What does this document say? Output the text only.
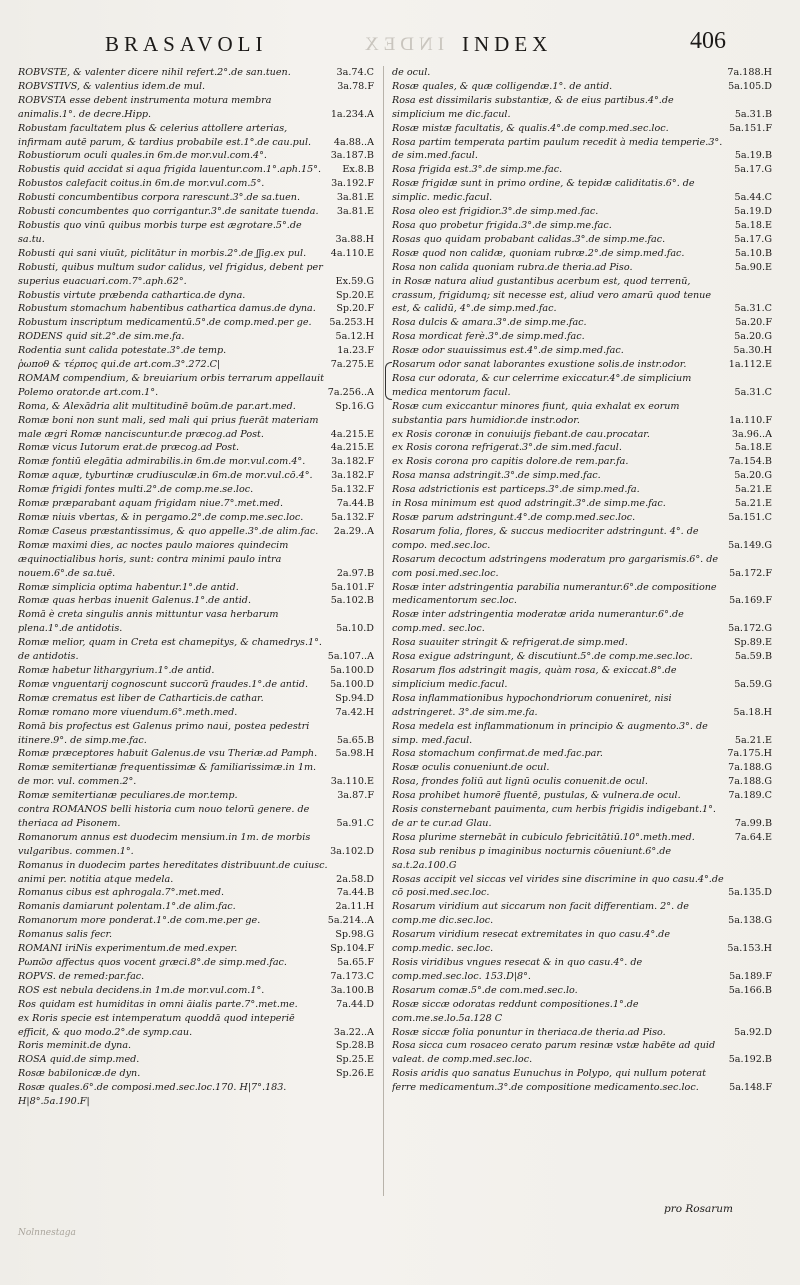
INDEX
BRASAVOLI	INDEX	406
ROBVSTE, & valenter dicere nihil refert.2°.de san.tuen.	3a.74.C
ROBVSTIVS, & valentius idem.de mul.	3a.78.F
ROBVSTA esse debent instrumenta motura membra animalis.1°. de decre.Hipp.	1a.234.A
Robustam facultatem plus & celerius attollere arterias, infirmam autē parum, & tardius probabile est.1°.de cau.pul. 4a.88..A
Robustiorum oculi quales.in 6m.de mor.vul.com.4°.	3a.187.B
Robustis quid accidat si aqua frigida lauentur.com.1°.aph.15°. Ex.8.B
Robustos calefacit coitus.in 6m.de mor.vul.com.5°.	3a.192.F
Robusti concumbentibus corpora rarescunt.3°.de sa.tuen.	3a.81.E
Robusti concumbentes quo corrigantur.3°.de sanitate tuenda. 3a.81.E
Robustis quo vinū quibus morbis turpe est ægrotare.5°.de sa.tu.	3a.88.H
Robusti qui sani viuūt, piclitātur in morbis.2°.de ʃʃig.ex pul.	4a.110.E
Robusti, quibus multum sudor calidus, vel frigidus, debent per superius euacuari.com.7°.aph.62°.	Ex.59.G
Robustis virtute præbenda cathartica.de dyna.	Sp.20.E
Robustum stomachum habentibus cathartica damus.de dyna. Sp.20.F
Robustum inscriptum medicamentū.5°.de comp.med.per ge. 5a.253.H
RODENS quid sit.2°.de sim.me.fa.	5a.12.H
Rodentia sunt calida potestate.3°.de temp.	1a.23.F
ῥωποθ & τέρπος qui.de art.com.3°.272.C|	7a.275.E
ROMAM compendium, & breuiarium orbis terrarum appellauit Polemo orator.de art.com.1°.	7a.256..A
Roma, & Alexādria alit multitudinē boūm.de par.art.med.	Sp.16.G
Romæ boni non sunt mali, sed mali qui prius fuerāt materiam male ægri Romæ nanciscuntur.de præcog.ad Post.	4a.215.E
Romæ vicus Iutorum erat.de præcog.ad Post.	4a.215.E
Romæ fontiū elegātia admirabilis.in 6m.de mor.vul.com.4°.	3a.182.F
Romæ aquæ, tyburtinæ crudiusculæ.in 6m.de mor.vul.cō.4°. 3a.182.F
Romæ frigidi fontes multi.2°.de comp.me.se.loc.	5a.132.F
Romæ præparabant aquam frigidam niue.7°.met.med.	7a.44.B
Romæ niuis vbertas, & in pergamo.2°.de comp.me.sec.loc.	5a.132.F
Romæ Caseus præstantissimus, & quo appelle.3°.de alim.fac. 2a.29..A
Romæ maximi dies, ac noctes paulo maiores quindecim æquinoctialibus horis, sunt: contra minimi paulo intra nouem.6°.de sa.tuē.	2a.97.B
Romæ simplicia optima habentur.1°.de antid.	5a.101.F
Romæ quas herbas inuenit Galenus.1°.de antid.	5a.102.B
Romā è creta singulis annis mittuntur vasa herbarum plena.1°.de antidotis.	5a.10.D
Romæ melior, quam in Creta est chamepitys, & chamedrys.1°. de antidotis.	5a.107..A
Romæ habetur lithargyrium.1°.de antid.	5a.100.D
Romæ vnguentarij cognoscunt succorū fraudes.1°.de antid. 5a.100.D
Romæ crematus est liber de Catharticis.de cathar.	Sp.94.D
Romæ romano more viuendum.6°.meth.med.	7a.42.H
Romā bis profectus est Galenus primo naui, postea pedestri itinere.9°. de simp.me.fac.	5a.65.B
Romæ præceptores habuit Galenus.de vsu Theriæ.ad Pamph. 5a.98.H
Romæ semitertianæ frequentissimæ & familiarissimæ.in 1m. de mor. vul. commen.2°.	3a.110.E
Romæ semitertianæ peculiares.de mor.temp.	3a.87.F
contra ROMANOS belli historia cum nouo telorū genere. de theriaca ad Pisonem.	5a.91.C
Romanorum annus est duodecim mensium.in 1m. de morbis vulgaribus. commen.1°.	3a.102.D
Romanus in duodecim partes hereditates distribuunt.de cuiusc. animi per. notitia atque medela.	2a.58.D
Romanus cibus est aphrogala.7°.met.med.	7a.44.B
Romanis damiarunt polentam.1°.de alim.fac.	2a.11.H
Romanorum more ponderat.1°.de com.me.per ge.	5a.214..A
Romanus salis fecr.	Sp.98.G
ROMANI iriNis experimentum.de med.exper.	Sp.104.F
Ρωπῶσ affectus quos vocent græci.8°.de simp.med.fac.	5a.65.F
ROPVS. de remed:par.fac.	7a.173.C
ROS est nebula decidens.in 1m.de mor.vul.com.1°.	3a.100.B
Ros quidam est humiditas in omni āialis parte.7°.met.me.	7a.44.D
ex Roris specie est intemperatum quoddā quod inteperiē efficit, & quo modo.2°.de symp.cau.	3a.22..A
Roris meminit.de dyna.	Sp.28.B
ROSA quid.de simp.med.	Sp.25.E
Rosæ babilonicæ.de dyn.	Sp.26.E
Rosæ quales.6°.de composi.med.sec.loc.170. H|7°.183. H|8°.5a.190.F|
de ocul.	7a.188.H
Rosæ quales, & quæ colligendæ.1°. de antid.	5a.105.D
Rosa est dissimilaris substantiæ, & de eius partibus.4°.de simplicium me dic.facul.	5a.31.B
Rosæ mistæ facultatis, & qualis.4°.de comp.med.sec.loc.	5a.151.F
Rosa partim temperata partim paulum recedit à media temperie.3°. de sim.med.facul.	5a.19.B
Rosa frigida est.3°.de simp.me.fac.	5a.17.G
Rosæ frigidæ sunt in primo ordine, & tepidæ caliditatis.6°. de simplic. medic.facul.	5a.44.C
Rosa oleo est frigidior.3°.de simp.med.fac.	5a.19.D
Rosa quo probetur frigida.3°.de simp.me.fac.	5a.18.E
Rosas quo quidam probabant calidas.3°.de simp.me.fac.	5a.17.G
Rosæ quod non calidæ, quoniam rubræ.2°.de simp.med.fac.	5a.10.B
Rosa non calida quoniam rubra.de theria.ad Piso.	5a.90.E
in Rosæ natura aliud gustantibus acerbum est, quod terrenū, crassum, frigidumq; sit necesse est, aliud vero amarū quod tenue est, & calidū, 4°.de simp.med.fac.	5a.31.C
Rosa dulcis & amara.3°.de simp.me.fac.	5a.20.F
Rosa mordicat ferè.3°.de simp.med.fac.	5a.20.G
Rosæ odor suauissimus est.4°.de simp.med.fac.	5a.30.H
Rosarum odor sanat laborantes exustione solis.de instr.odor.	1a.112.E
Rosa cur odorata, & cur celerrime exiccatur.4°.de simplicium medica mentorum facul.	5a.31.C
Rosæ cum exiccantur minores fiunt, quia exhalat ex eorum substantia pars humidior.de instr.odor.	1a.110.F
ex Rosis coronæ in conuiuijs fiebant.de cau.procatar.	3a.96..A
ex Rosis corona refrigerat.3°.de sim.med.facul.	5a.18.E
ex Rosis corona pro capitis dolore.de rem.par.fa.	7a.154.B
Rosa mansa adstringit.3°.de simp.med.fac.	5a.20.G
Rosa adstrictionis est particeps.3°.de simp.med.fa.	5a.21.E
in Rosa minimum est quod adstringit.3°.de simp.me.fac.	5a.21.E
Rosæ parum adstringunt.4°.de comp.med.sec.loc.	5a.151.C
Rosarum folia, flores, & succus mediocriter adstringunt. 4°. de compo. med.sec.loc.	5a.149.G
Rosarum decoctum adstringens moderatum pro gargarismis.6°. de com posi.med.sec.loc.	5a.172.F
Rosæ inter adstringentia parabilia numerantur.6°.de compositione medicamentorum sec.loc.	5a.169.F
Rosæ inter adstringentia moderatæ arida numerantur.6°.de comp.med. sec.loc.	5a.172.G
Rosa suauiter stringit & refrigerat.de simp.med.	Sp.89.E
Rosa exigue adstringunt, & discutiunt.5°.de comp.me.sec.loc.	5a.59.B
Rosarum flos adstringit magis, quàm rosa, & exiccat.8°.de simplicium medic.facul.	5a.59.G
Rosa inflammationibus hypochondriorum conueniret, nisi adstringeret. 3°.de sim.me.fa.	5a.18.H
Rosa medela est inflammationum in principio & augmento.3°. de simp. med.facul.	5a.21.E
Rosa stomachum confirmat.de med.fac.par.	7a.175.H
Rosæ oculis conueniunt.de ocul.	7a.188.G
Rosa, frondes foliū aut lignū oculis conuenit.de ocul.	7a.188.G
Rosa prohibet humorē fluentē, pustulas, & vulnera.de ocul.	7a.189.C
Rosis consternebant pauimenta, cum herbis frigidis indigebant.1°. de ar te cur.ad Glau.	7a.99.B
Rosa plurime sternebāt in cubiculo febricitātiū.10°.meth.med.	7a.64.E
Rosa sub renibus p imaginibus nocturnis cōueniunt.6°.de sa.t.2a.100.G
Rosas accipit vel siccas vel virides sine discrimine in quo casu.4°.de cō posi.med.sec.loc.	5a.135.D
Rosarum viridium aut siccarum non facit differentiam. 2°. de comp.me dic.sec.loc.	5a.138.G
Rosarum viridium resecat extremitates in quo casu.4°.de comp.medic. sec.loc.	5a.153.H
Rosis viridibus vngues resecat & in quo casu.4°. de comp.med.sec.loc. 153.D|8°.	5a.189.F
Rosarum comæ.5°.de com.med.sec.lo.	5a.166.B
Rosæ siccæ odoratas reddunt compositiones.1°.de com.me.se.lo.5a.128 C
Rosæ siccæ folia ponuntur in theriaca.de theria.ad Piso.	5a.92.D
Rosa sicca cum rosaceo cerato parum resinæ vstæ habēte ad quid valeat. de comp.med.sec.loc.	5a.192.B
Rosis aridis quo sanatus Eunuchus in Polypo, qui nullum poterat ferre medicamentum.3°.de compositione medicamento.sec.loc.	5a.148.F
pro Rosarum
Nolnnestaga
